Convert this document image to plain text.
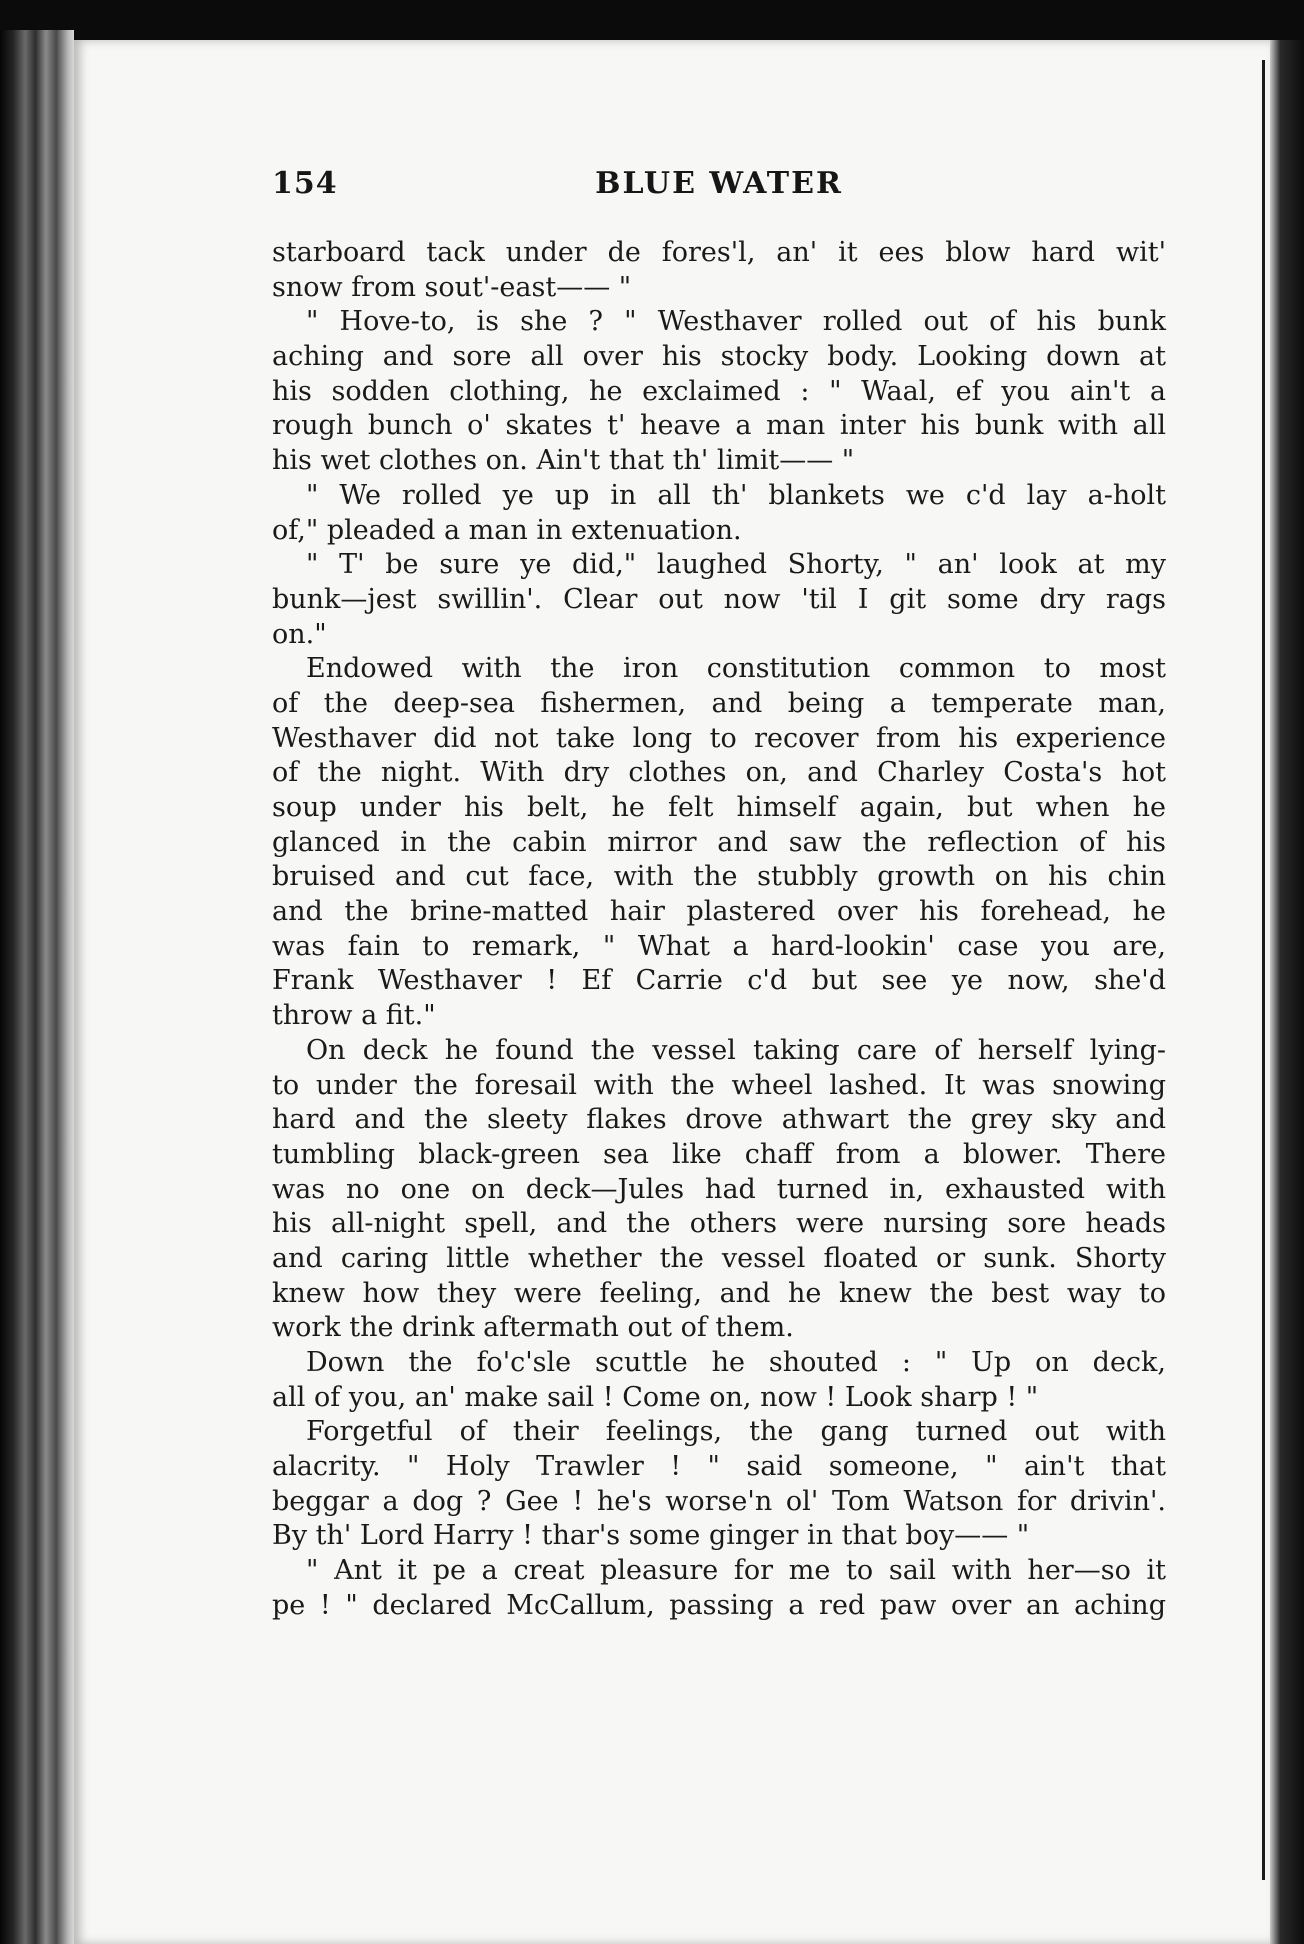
154	BLUE WATER
starboard tack under de fores'l, an' it ees blow hard wit'
snow from sout'-east—— "
" Hove-to, is she ? " Westhaver rolled out of his bunk
aching and sore all over his stocky body. Looking down at
his sodden clothing, he exclaimed : " Waal, ef you ain't a
rough bunch o' skates t' heave a man inter his bunk with all
his wet clothes on. Ain't that th' limit—— "
" We rolled ye up in all th' blankets we c'd lay a-holt
of," pleaded a man in extenuation.
" T' be sure ye did," laughed Shorty, " an' look at my
bunk—jest swillin'. Clear out now 'til I git some dry rags
on."
Endowed with the iron constitution common to most
of the deep-sea fishermen, and being a temperate man,
Westhaver did not take long to recover from his experience
of the night. With dry clothes on, and Charley Costa's hot
soup under his belt, he felt himself again, but when he
glanced in the cabin mirror and saw the reflection of his
bruised and cut face, with the stubbly growth on his chin
and the brine-matted hair plastered over his forehead, he
was fain to remark, " What a hard-lookin' case you are,
Frank Westhaver ! Ef Carrie c'd but see ye now, she'd
throw a fit."
On deck he found the vessel taking care of herself lying-
to under the foresail with the wheel lashed. It was snowing
hard and the sleety flakes drove athwart the grey sky and
tumbling black-green sea like chaff from a blower. There
was no one on deck—Jules had turned in, exhausted with
his all-night spell, and the others were nursing sore heads
and caring little whether the vessel floated or sunk. Shorty
knew how they were feeling, and he knew the best way to
work the drink aftermath out of them.
Down the fo'c'sle scuttle he shouted : " Up on deck,
all of you, an' make sail ! Come on, now ! Look sharp ! "
Forgetful of their feelings, the gang turned out with
alacrity. " Holy Trawler ! " said someone, " ain't that
beggar a dog ? Gee ! he's worse'n ol' Tom Watson for drivin'.
By th' Lord Harry ! thar's some ginger in that boy—— "
" Ant it pe a creat pleasure for me to sail with her—so it
pe ! " declared McCallum, passing a red paw over an aching
